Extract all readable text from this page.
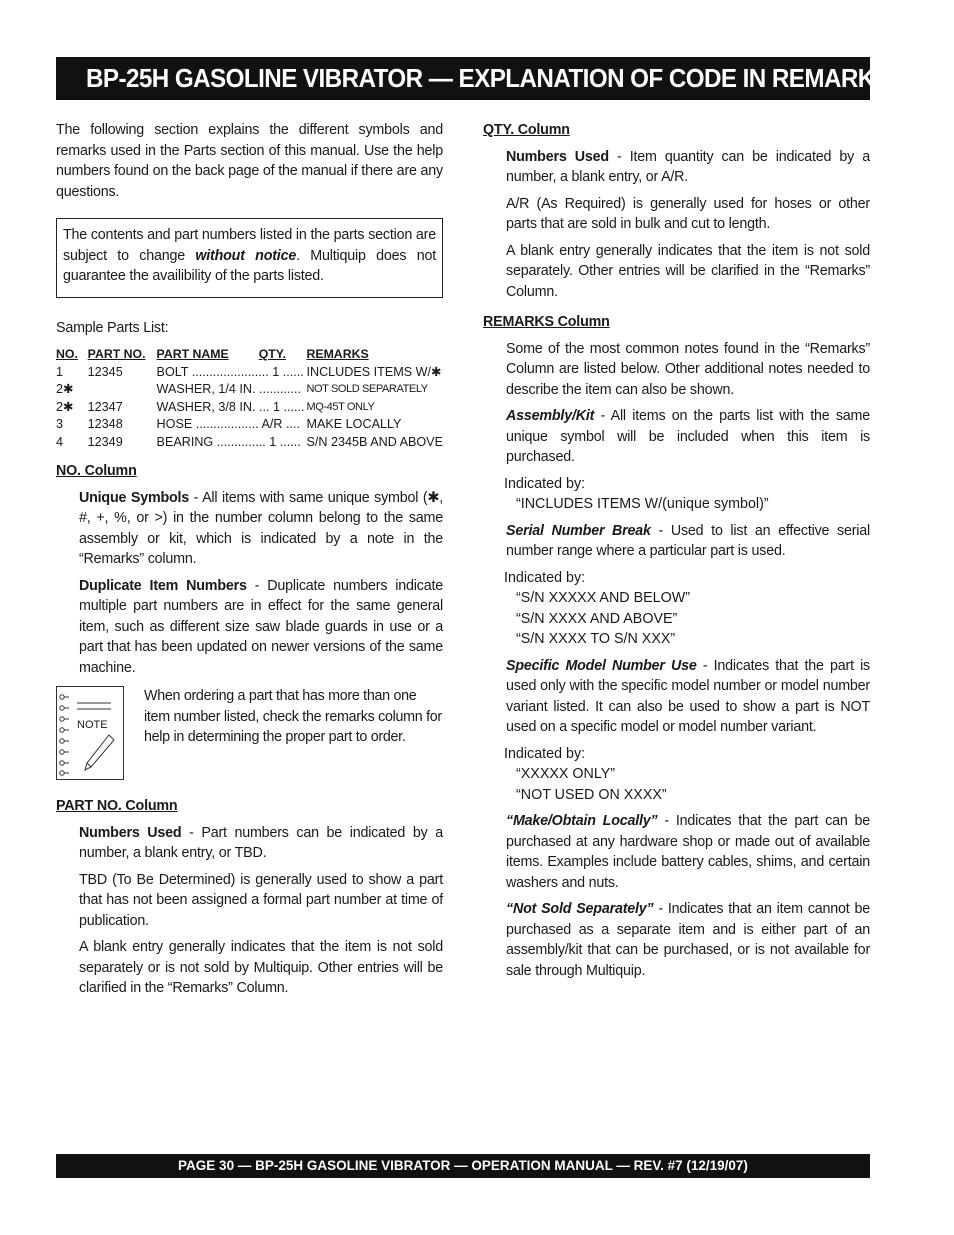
BP-25H GASOLINE VIBRATOR — EXPLANATION OF CODE IN REMARKS

The following section explains the different symbols and remarks used in the Parts section of this manual. Use the help numbers found on the back page of the manual if there are any questions.

The contents and part numbers listed in the parts section are subject to change without notice. Multiquip does not guarantee the availibility of the parts listed.
Sample Parts List:
NO.	PART NO.	PART NAME QTY.	REMARKS
1	12345	BOLT ...................... 1 ......	INCLUDES ITEMS W/✱
2✱		WASHER, 1/4 IN. ............	NOT SOLD SEPARATELY
2✱	12347	WASHER, 3/8 IN. ... 1 ......	MQ-45T ONLY
3	12348	HOSE .................. A/R ....	MAKE LOCALLY
4	12349	BEARING .............. 1 ......	S/N 2345B AND ABOVE
NO. Column

Unique Symbols - All items with same unique symbol (✱, #, +, %, or >) in the number column belong to the same assembly or kit, which is indicated by a note in the “Remarks” column.

Duplicate Item Numbers - Duplicate numbers indicate multiple part numbers are in effect for the same general item, such as different size saw blade guards in use or a part that has been updated on newer versions of the same machine.

NOTE
When ordering a part that has more than one item number listed, check the remarks column for help in determining the proper part to order.
PART NO. Column

Numbers Used - Part numbers can be indicated by a number, a blank entry, or TBD.

TBD (To Be Determined) is generally used to show a part that has not been assigned a formal part number at time of publication.

A blank entry generally indicates that the item is not sold separately or is not sold by Multiquip. Other entries will be clarified in the “Remarks” Column.

QTY. Column

Numbers Used - Item quantity can be indicated by a number, a blank entry, or A/R.

A/R (As Required) is generally used for hoses or other parts that are sold in bulk and cut to length.

A blank entry generally indicates that the item is not sold separately. Other entries will be clarified in the “Remarks” Column.

REMARKS Column

Some of the most common notes found in the “Remarks” Column are listed below. Other additional notes needed to describe the item can also be shown.

Assembly/Kit - All items on the parts list with the same unique symbol will be included when this item is purchased.

Indicated by:
“INCLUDES ITEMS W/(unique symbol)”

Serial Number Break - Used to list an effective serial number range where a particular part is used.

Indicated by:
“S/N XXXXX AND BELOW”
“S/N XXXX AND ABOVE”
“S/N XXXX TO S/N XXX”

Specific Model Number Use - Indicates that the part is used only with the specific model number or model number variant listed. It can also be used to show a part is NOT used on a specific model or model number variant.

Indicated by:
“XXXXX ONLY”
“NOT USED ON XXXX”

“Make/Obtain Locally” - Indicates that the part can be purchased at any hardware shop or made out of available items. Examples include battery cables, shims, and certain washers and nuts.

“Not Sold Separately” - Indicates that an item cannot be purchased as a separate item and is either part of an assembly/kit that can be purchased, or is not available for sale through Multiquip.

PAGE 30 — BP-25H GASOLINE VIBRATOR — OPERATION MANUAL — REV. #7 (12/19/07)
